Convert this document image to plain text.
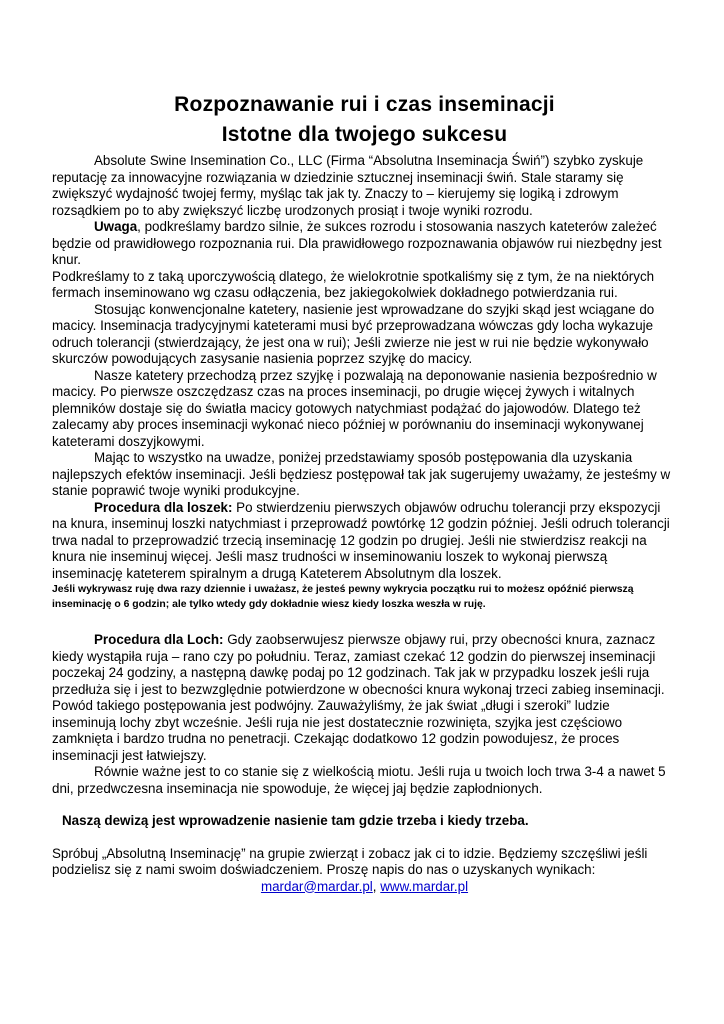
Rozpoznawanie rui i czas inseminacji
Istotne dla twojego sukcesu

Absolute Swine Insemination Co., LLC (Firma “Absolutna Inseminacja Świń”) szybko zyskuje reputację za innowacyjne rozwiązania w dziedzinie sztucznej inseminacji świń. Stale staramy się zwiększyć wydajność twojej fermy, myśląc tak jak ty. Znaczy to – kierujemy się logiką i zdrowym rozsądkiem po to aby zwiększyć liczbę urodzonych prosiąt i twoje wyniki rozrodu.

Uwaga, podkreślamy bardzo silnie, że sukces rozrodu i stosowania naszych kateterów zależeć będzie od prawidłowego rozpoznania rui. Dla prawidłowego rozpoznawania objawów rui niezbędny jest knur.

Podkreślamy to z taką uporczywością dlatego, że wielokrotnie spotkaliśmy się z tym, że na niektórych fermach inseminowano wg czasu odłączenia, bez jakiegokolwiek dokładnego potwierdzania rui.

Stosując konwencjonalne katetery, nasienie jest wprowadzane do szyjki skąd jest wciągane do macicy. Inseminacja tradycyjnymi kateterami musi być przeprowadzana wówczas gdy locha wykazuje odruch tolerancji (stwierdzający, że jest ona w rui); Jeśli zwierze nie jest w rui nie będzie wykonywało skurczów powodujących zasysanie nasienia poprzez szyjkę do macicy.

Nasze katetery przechodzą przez szyjkę i pozwalają na deponowanie nasienia bezpośrednio w macicy. Po pierwsze oszczędzasz czas na proces inseminacji, po drugie więcej żywych i witalnych plemników dostaje się do światła macicy gotowych natychmiast podążać do jajowodów. Dlatego też zalecamy aby proces inseminacji wykonać nieco później w porównaniu do inseminacji wykonywanej kateterami doszyjkowymi.

Mając to wszystko na uwadze, poniżej przedstawiamy sposób postępowania dla uzyskania najlepszych efektów inseminacji. Jeśli będziesz postępował tak jak sugerujemy uważamy, że jesteśmy w stanie poprawić twoje wyniki produkcyjne.

Procedura dla loszek: Po stwierdzeniu pierwszych objawów odruchu tolerancji przy ekspozycji na knura, inseminuj loszki natychmiast i przeprowadź powtórkę 12 godzin później. Jeśli odruch tolerancji trwa nadal to przeprowadzić trzecią inseminację 12 godzin po drugiej. Jeśli nie stwierdzisz reakcji na knura nie inseminuj więcej. Jeśli masz trudności w inseminowaniu loszek to wykonaj pierwszą inseminację kateterem spiralnym a drugą Kateterem Absolutnym dla loszek.

Jeśli wykrywasz ruję dwa razy dziennie i uważasz, że jesteś pewny wykrycia początku rui to możesz opóźnić pierwszą inseminację o 6 godzin; ale tylko wtedy gdy dokładnie wiesz kiedy loszka weszła w ruję.

Procedura dla Loch: Gdy zaobserwujesz pierwsze objawy rui, przy obecności knura, zaznacz kiedy wystąpiła ruja – rano czy po południu. Teraz, zamiast czekać 12 godzin do pierwszej inseminacji poczekaj 24 godziny, a następną dawkę podaj po 12 godzinach. Tak jak w przypadku loszek jeśli ruja przedłuża się i jest to bezwzględnie potwierdzone w obecności knura wykonaj trzeci zabieg inseminacji.

Powód takiego postępowania jest podwójny. Zauważyliśmy, że jak świat „długi i szeroki” ludzie inseminują lochy zbyt wcześnie. Jeśli ruja nie jest dostatecznie rozwinięta, szyjka jest częściowo zamknięta i bardzo trudna no penetracji. Czekając dodatkowo 12 godzin powodujesz, że proces inseminacji jest łatwiejszy.

Równie ważne jest to co stanie się z wielkością miotu. Jeśli ruja u twoich loch trwa 3-4 a nawet 5 dni, przedwczesna inseminacja nie spowoduje, że więcej jaj będzie zapłodnionych.

Naszą dewizą jest wprowadzenie nasienie tam gdzie trzeba i kiedy trzeba.

Spróbuj „Absolutną Inseminację” na grupie zwierząt i zobacz jak ci to idzie. Będziemy szczęśliwi jeśli podzielisz się z nami swoim doświadczeniem. Proszę napis do nas o uzyskanych wynikach:

mardar@mardar.pl, www.mardar.pl
